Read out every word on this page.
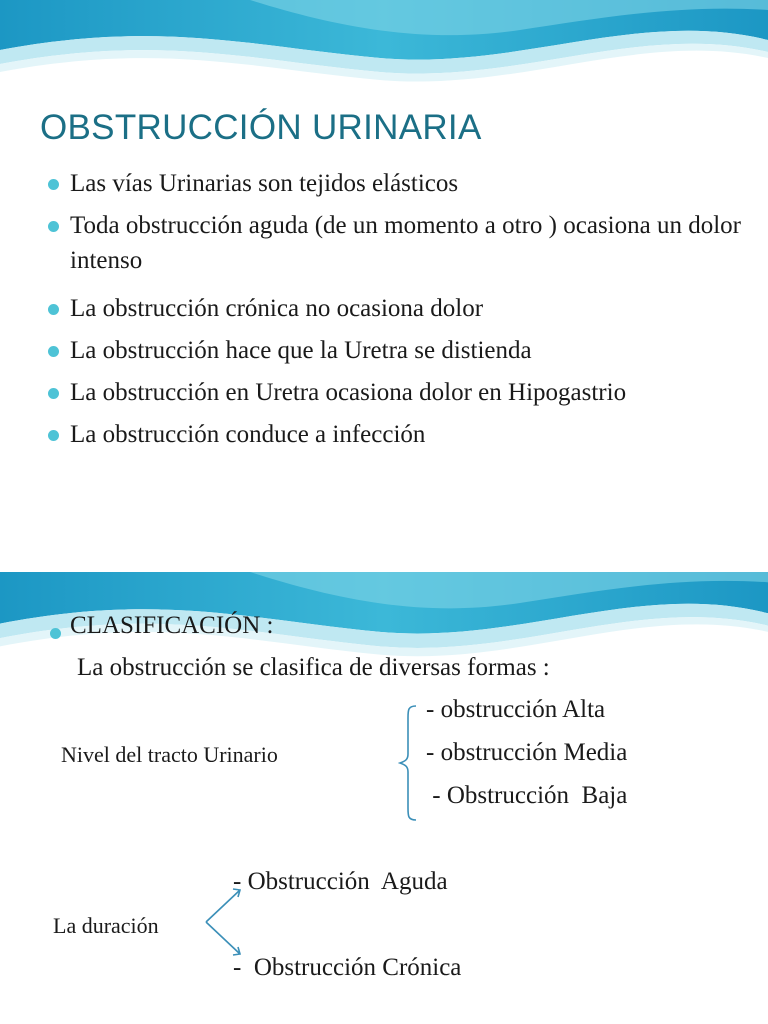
OBSTRUCCIÓN URINARIA
Las vías Urinarias son tejidos elásticos
Toda obstrucción aguda (de un momento a otro ) ocasiona un dolor intenso
La obstrucción crónica no ocasiona dolor
La obstrucción hace que la Uretra se distienda
La obstrucción en Uretra ocasiona dolor en Hipogastrio
La obstrucción conduce a infección
CLASIFICACIÓN :
La obstrucción se clasifica de diversas formas :
- obstrucción Alta
Nivel del tracto Urinario	- obstrucción Media
- Obstrucción  Baja
- Obstrucción  Aguda
La duración
-  Obstrucción Crónica
